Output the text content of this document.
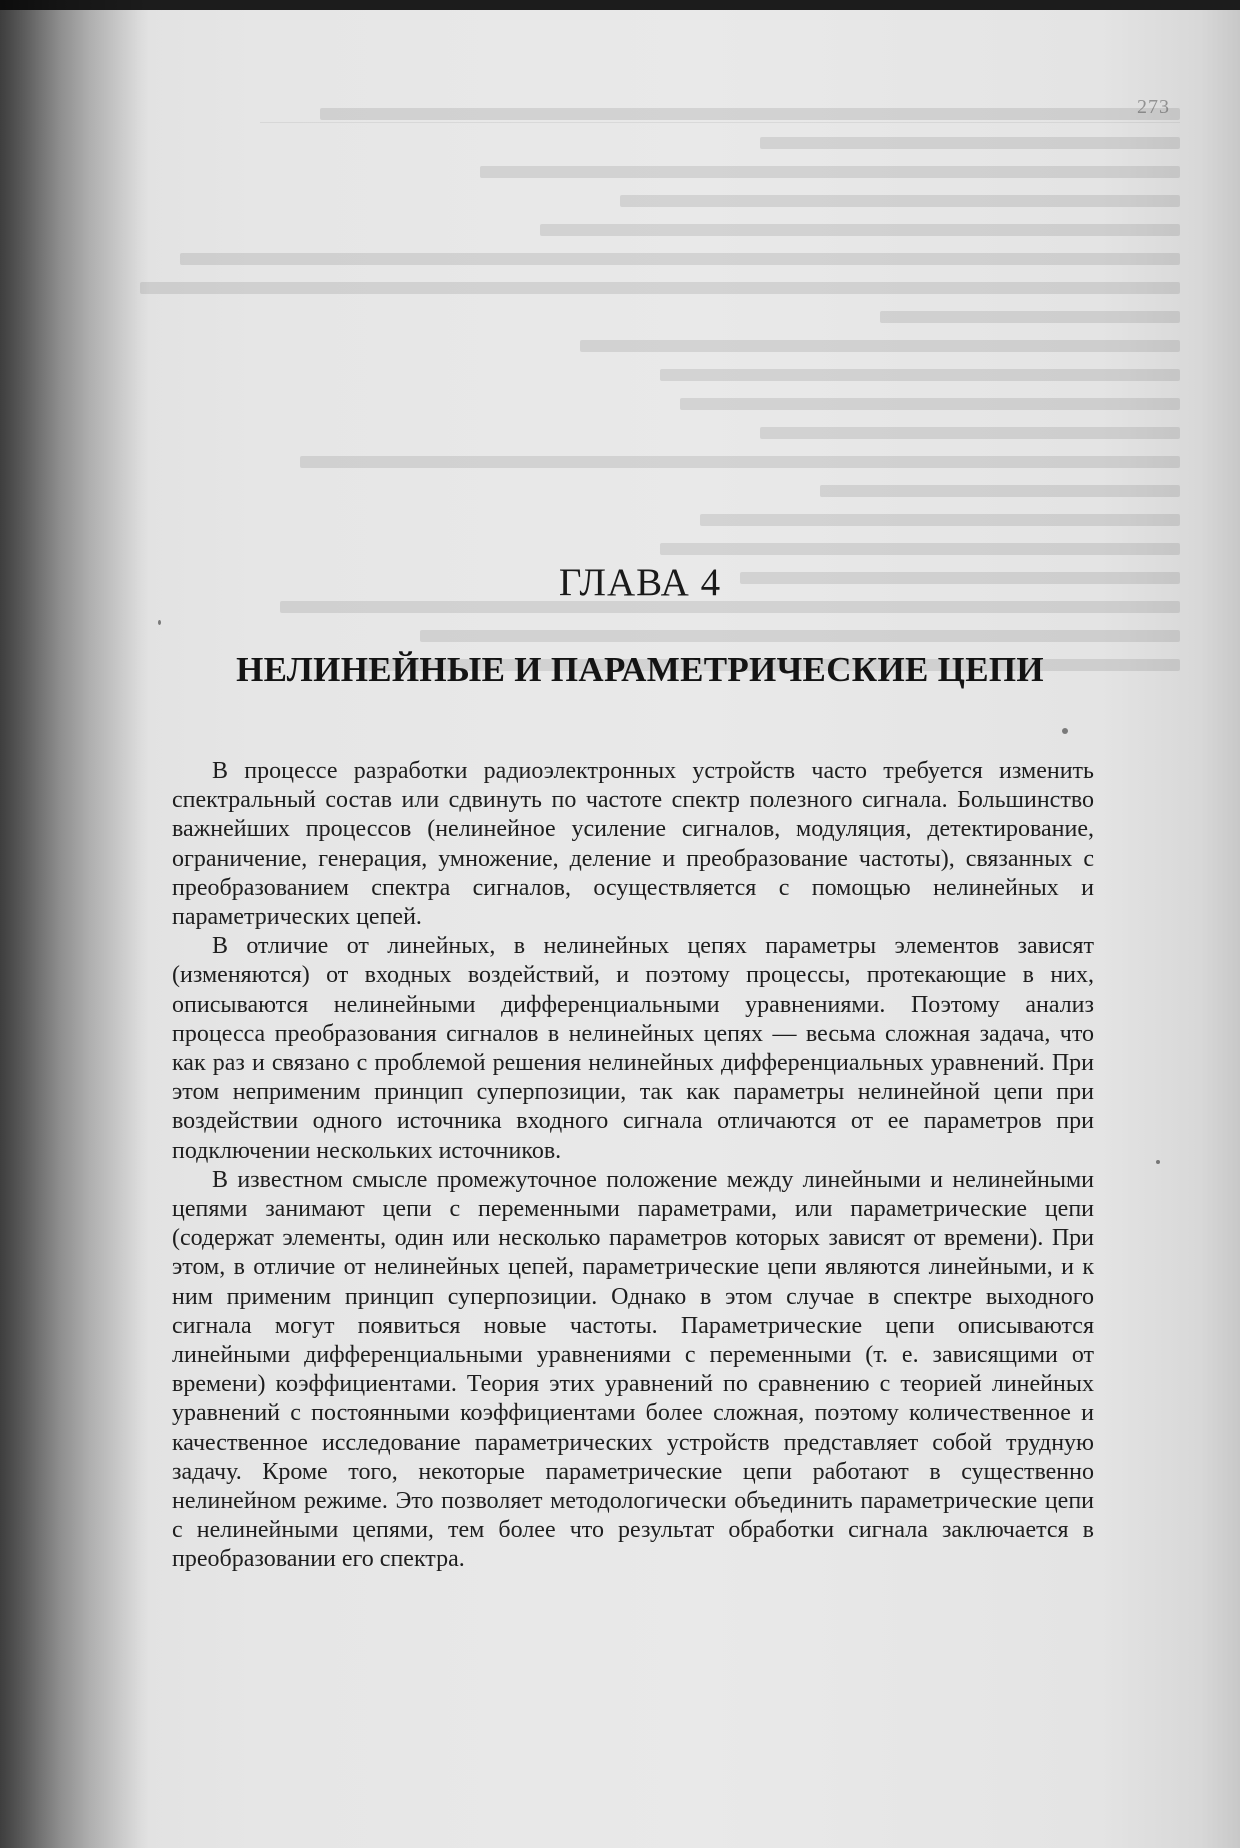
273
ГЛАВА 4
НЕЛИНЕЙНЫЕ И ПАРАМЕТРИЧЕСКИЕ ЦЕПИ

В процессе разработки радиоэлектронных устройств часто требуется изменить спектральный состав или сдвинуть по частоте спектр полезного сигнала. Большинство важнейших процессов (нелинейное усиление сигналов, модуляция, детектирование, ограничение, генерация, умножение, деление и преобразование частоты), связанных с преобразованием спектра сигналов, осуществляется с помощью нелинейных и параметрических цепей.

В отличие от линейных, в нелинейных цепях параметры элементов зависят (изменяются) от входных воздействий, и поэтому процессы, протекающие в них, описываются нелинейными дифференциальными уравнениями. Поэтому анализ процесса преобразования сигналов в нелинейных цепях — весьма сложная задача, что как раз и связано с проблемой решения нелинейных дифференциальных уравнений. При этом неприменим принцип суперпозиции, так как параметры нелинейной цепи при воздействии одного источника входного сигнала отличаются от ее параметров при подключении нескольких источников.

В известном смысле промежуточное положение между линейными и нелинейными цепями занимают цепи с переменными параметрами, или параметрические цепи (содержат элементы, один или несколько параметров которых зависят от времени). При этом, в отличие от нелинейных цепей, параметрические цепи являются линейными, и к ним применим принцип суперпозиции. Однако в этом случае в спектре выходного сигнала могут появиться новые частоты. Параметрические цепи описываются линейными дифференциальными уравнениями с переменными (т. е. зависящими от времени) коэффициентами. Теория этих уравнений по сравнению с теорией линейных уравнений с постоянными коэффициентами более сложная, поэтому количественное и качественное исследование параметрических устройств представляет собой трудную задачу. Кроме того, некоторые параметрические цепи работают в существенно нелинейном режиме. Это позволяет методологически объединить параметрические цепи с нелинейными цепями, тем более что результат обработки сигнала заключается в преобразовании его спектра.
